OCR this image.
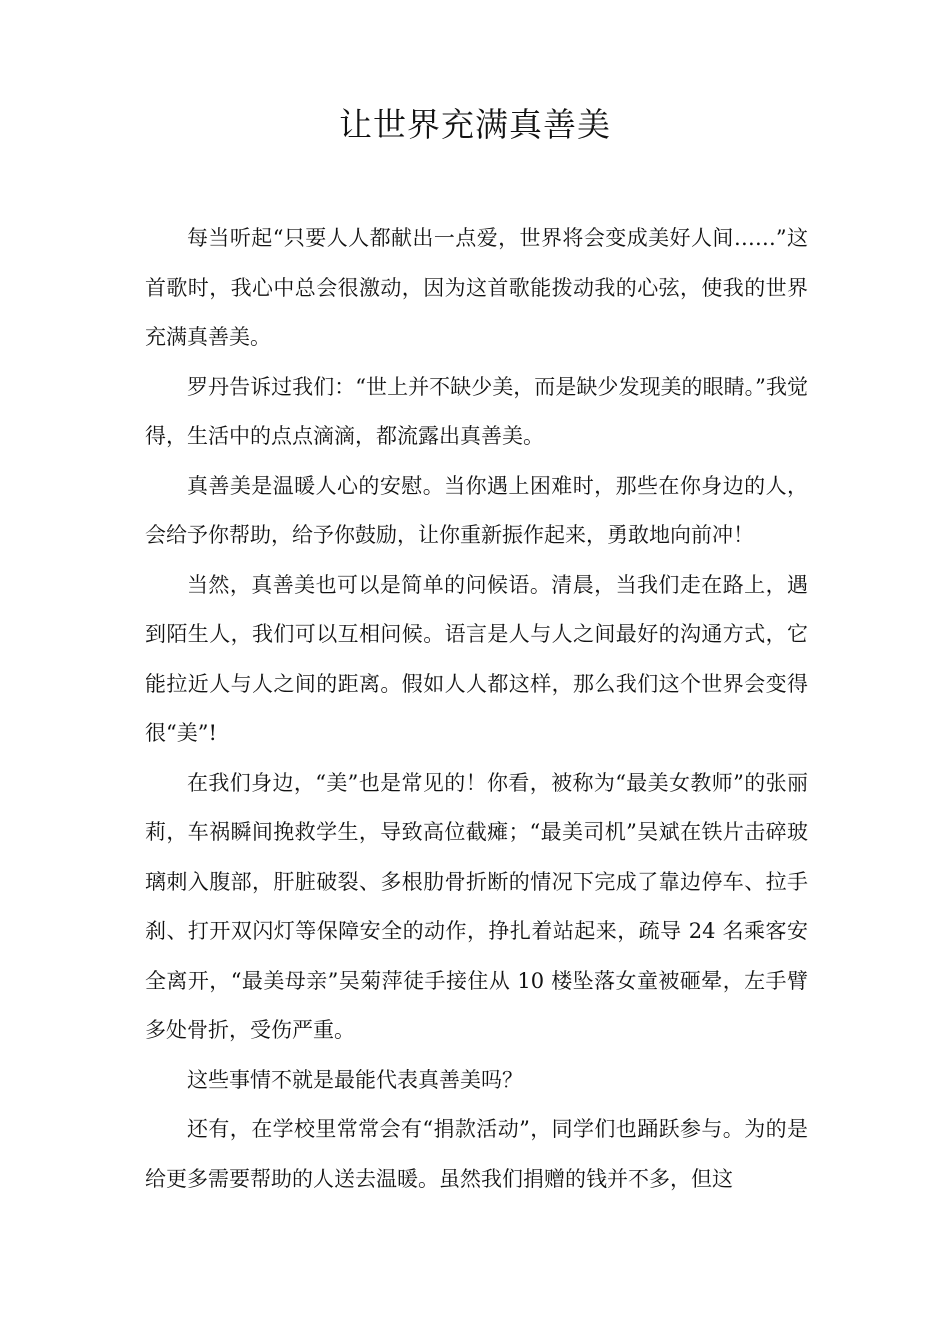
让世界充满真善美

每当听起“只要人人都献出一点爱，世界将会变成美好人间……”这首歌时，我心中总会很激动，因为这首歌能拨动我的心弦，使我的世界充满真善美。

罗丹告诉过我们：“世上并不缺少美，而是缺少发现美的眼睛。”我觉得，生活中的点点滴滴，都流露出真善美。

真善美是温暖人心的安慰。当你遇上困难时，那些在你身边的人，会给予你帮助，给予你鼓励，让你重新振作起来，勇敢地向前冲！

当然，真善美也可以是简单的问候语。清晨，当我们走在路上，遇到陌生人，我们可以互相问候。语言是人与人之间最好的沟通方式，它能拉近人与人之间的距离。假如人人都这样，那么我们这个世界会变得很“美”!

在我们身边，“美”也是常见的！你看，被称为“最美女教师”的张丽莉，车祸瞬间挽救学生，导致高位截瘫；“最美司机”吴斌在铁片击碎玻璃刺入腹部，肝脏破裂、多根肋骨折断的情况下完成了靠边停车、拉手刹、打开双闪灯等保障安全的动作，挣扎着站起来，疏导 24 名乘客安全离开，“最美母亲”吴菊萍徒手接住从 10 楼坠落女童被砸晕，左手臂多处骨折，受伤严重。

这些事情不就是最能代表真善美吗？

还有，在学校里常常会有“捐款活动”，同学们也踊跃参与。为的是给更多需要帮助的人送去温暖。虽然我们捐赠的钱并不多，但这
